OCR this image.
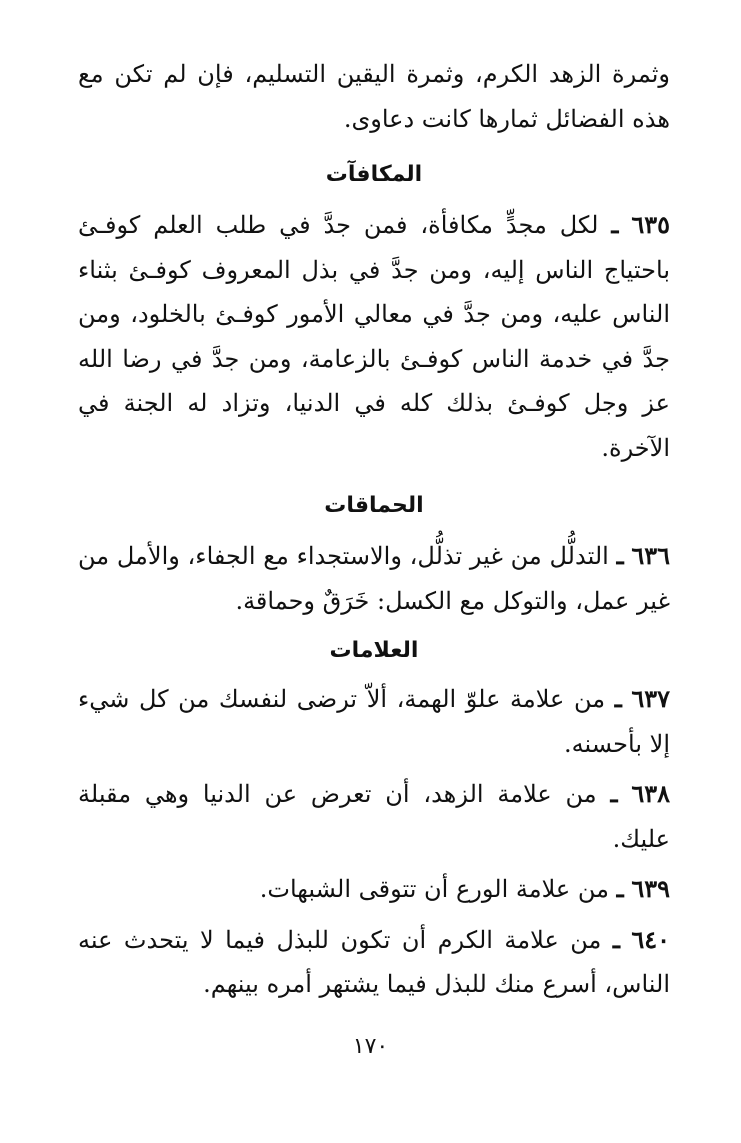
وثمرة الزهد الكرم، وثمرة اليقين التسليم، فإن لم تكن مع هذه الفضائل ثمارها كانت دعاوى.

المكافآت

٦٣٥ ـ لكل مجدٍّ مكافأة، فمن جدَّ في طلب العلم كوفـئ باحتياج الناس إليه، ومن جدَّ في بذل المعروف كوفـئ بثناء الناس عليه، ومن جدَّ في معالي الأمور كوفـئ بالخلود، ومن جدَّ في خدمة الناس كوفـئ بالزعامة، ومن جدَّ في رضا الله عز وجل كوفـئ بذلك كله في الدنيا، وتزاد له الجنة في الآخرة.

الحماقات

٦٣٦ ـ التدلُّل من غير تذلُّل، والاستجداء مع الجفاء، والأمل من غير عمل، والتوكل مع الكسل: خَرَقٌ وحماقة.

العلامات

٦٣٧ ـ من علامة علوّ الهمة، ألاّ ترضى لنفسك من كل شيء إلا بأحسنه.

٦٣٨ ـ من علامة الزهد، أن تعرض عن الدنيا وهي مقبلة عليك.

٦٣٩ ـ من علامة الورع أن تتوقى الشبهات.

٦٤٠ ـ من علامة الكرم أن تكون للبذل فيما لا يتحدث عنه الناس، أسرع منك للبذل فيما يشتهر أمره بينهم.

١٧٠
